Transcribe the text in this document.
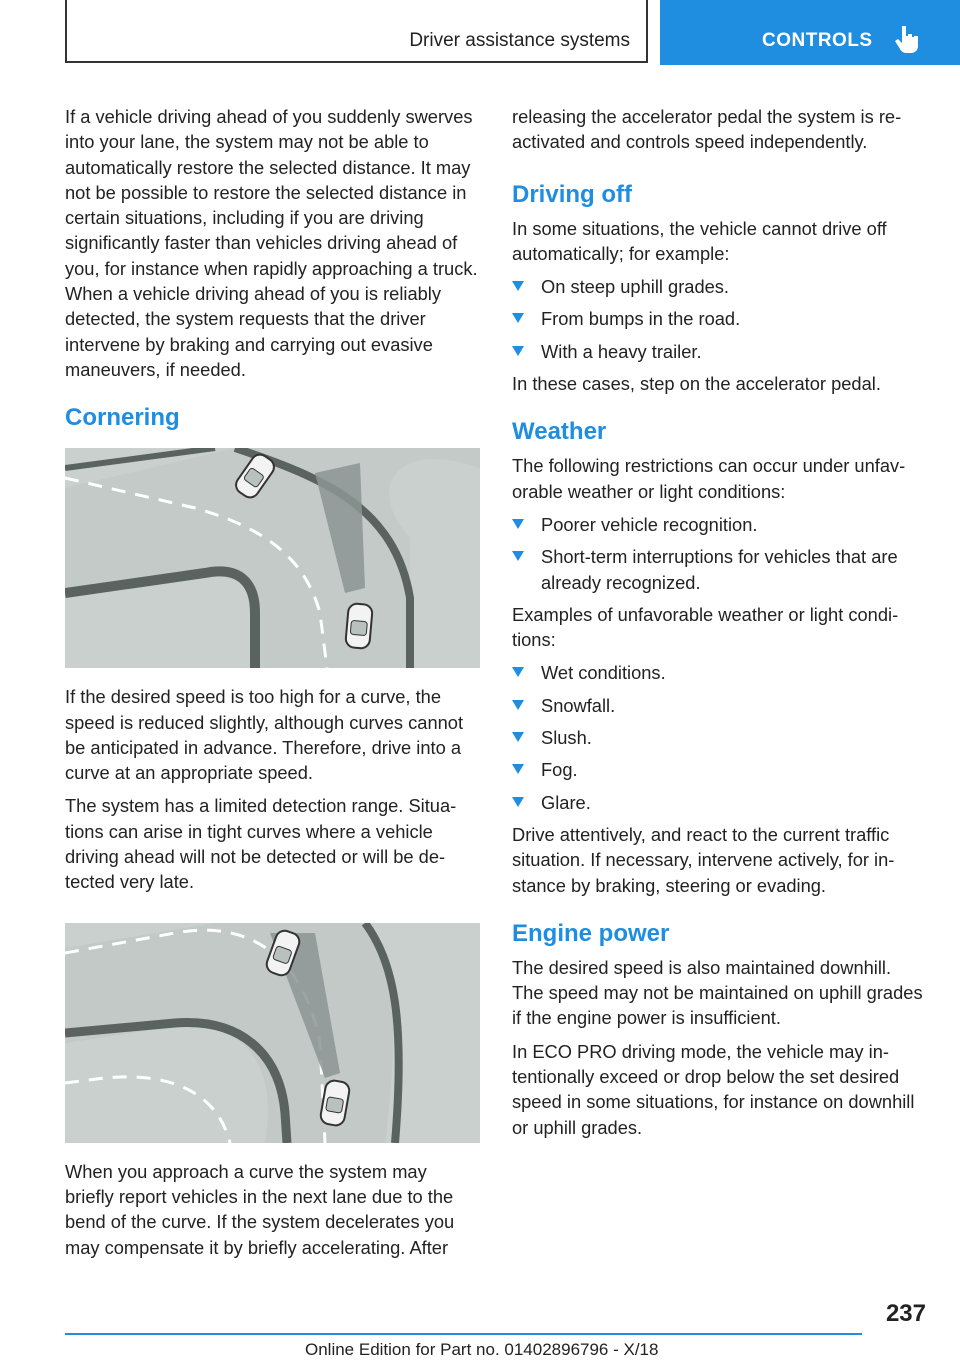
Driver assistance systems	CONTROLS

If a vehicle driving ahead of you suddenly swerves into your lane, the system may not be able to automatically restore the selected distance. It may not be possible to restore the selected distance in certain situations, including if you are driving significantly faster than vehicles driving ahead of you, for instance when rapidly approaching a truck. When a vehicle driving ahead of you is reliably detected, the system requests that the driver intervene by braking and carrying out evasive maneuvers, if needed.

Cornering

If the desired speed is too high for a curve, the speed is reduced slightly, although curves cannot be anticipated in advance. Therefore, drive into a curve at an appropriate speed.

The system has a limited detection range. Situations can arise in tight curves where a vehicle driving ahead will not be detected or will be detected very late.

When you approach a curve the system may briefly report vehicles in the next lane due to the bend of the curve. If the system decelerates you may compensate it by briefly accelerating. After

releasing the accelerator pedal the system is reactivated and controls speed independently.

Driving off

In some situations, the vehicle cannot drive off automatically; for example:

On steep uphill grades.
From bumps in the road.
With a heavy trailer.

In these cases, step on the accelerator pedal.

Weather

The following restrictions can occur under unfavorable weather or light conditions:

Poorer vehicle recognition.
Short-term interruptions for vehicles that are already recognized.

Examples of unfavorable weather or light conditions:

Wet conditions.
Snowfall.
Slush.
Fog.
Glare.

Drive attentively, and react to the current traffic situation. If necessary, intervene actively, for instance by braking, steering or evading.

Engine power

The desired speed is also maintained downhill. The speed may not be maintained on uphill grades if the engine power is insufficient.

In ECO PRO driving mode, the vehicle may intentionally exceed or drop below the set desired speed in some situations, for instance on downhill or uphill grades.

237
Online Edition for Part no. 01402896796 - X/18
